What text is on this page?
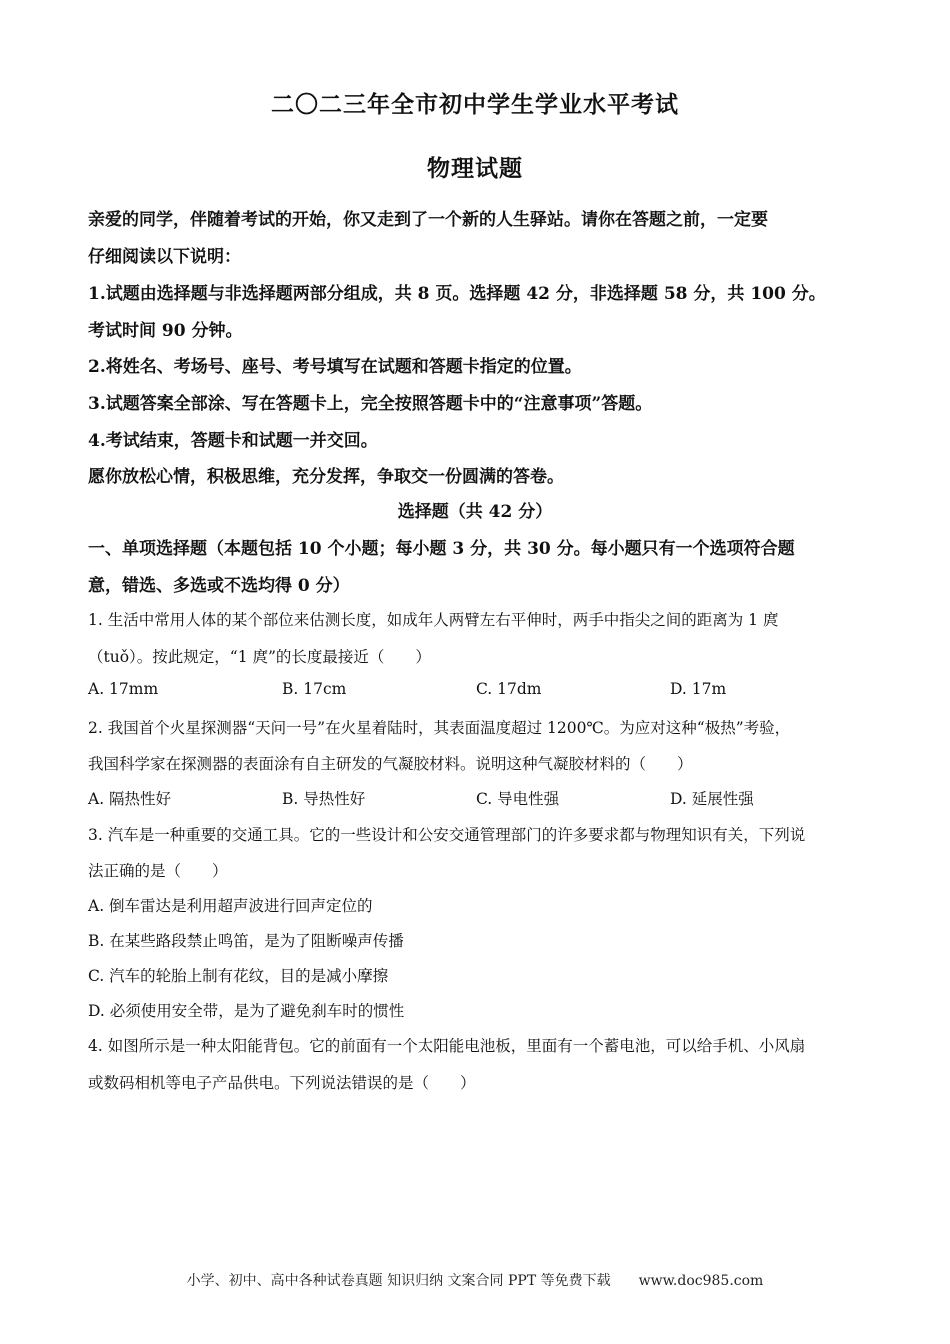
二〇二三年全市初中学生学业水平考试
物理试题
亲爱的同学，伴随着考试的开始，你又走到了一个新的人生驿站。请你在答题之前，一定要
仔细阅读以下说明：
1.试题由选择题与非选择题两部分组成，共 8 页。选择题 42 分，非选择题 58 分，共 100 分。
考试时间 90 分钟。
2.将姓名、考场号、座号、考号填写在试题和答题卡指定的位置。
3.试题答案全部涂、写在答题卡上，完全按照答题卡中的“注意事项”答题。
4.考试结束，答题卡和试题一并交回。
愿你放松心情，积极思维，充分发挥，争取交一份圆满的答卷。
选择题（共 42 分）
一、单项选择题（本题包括 10 个小题；每小题 3 分，共 30 分。每小题只有一个选项符合题
意，错选、多选或不选均得 0 分）
1. 生活中常用人体的某个部位来估测长度，如成年人两臂左右平伸时，两手中指尖之间的距离为 1 庹
（tuǒ）。按此规定，“1 庹”的长度最接近（　　）
A. 17mm	B. 17cm	C. 17dm	D. 17m
2. 我国首个火星探测器“天问一号”在火星着陆时，其表面温度超过 1200℃。为应对这种“极热”考验，
我国科学家在探测器的表面涂有自主研发的气凝胶材料。说明这种气凝胶材料的（　　）
A. 隔热性好	B. 导热性好	C. 导电性强	D. 延展性强
3. 汽车是一种重要的交通工具。它的一些设计和公安交通管理部门的许多要求都与物理知识有关，下列说
法正确的是（　　）
A. 倒车雷达是利用超声波进行回声定位的
B. 在某些路段禁止鸣笛，是为了阻断噪声传播
C. 汽车的轮胎上制有花纹，目的是减小摩擦
D. 必须使用安全带，是为了避免刹车时的惯性
4. 如图所示是一种太阳能背包。它的前面有一个太阳能电池板，里面有一个蓄电池，可以给手机、小风扇
或数码相机等电子产品供电。下列说法错误的是（　　）
小学、初中、高中各种试卷真题 知识归纳 文案合同 PPT 等免费下载　　www.doc985.com
